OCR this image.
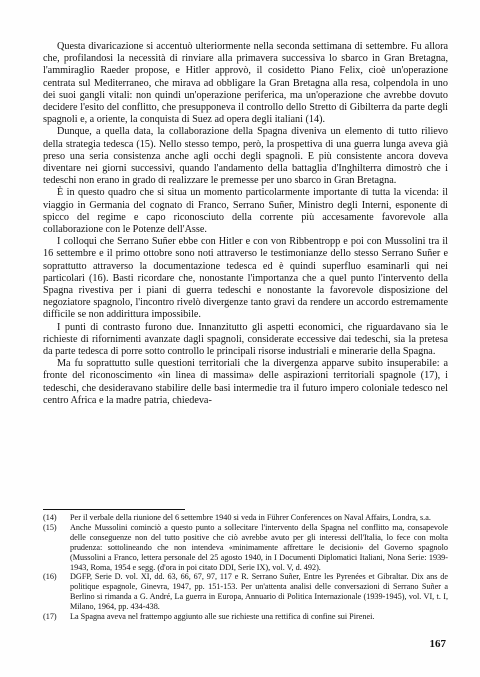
Questa divaricazione si accentuò ulteriormente nella seconda settimana di settembre. Fu allora che, profilandosi la necessità di rinviare alla primavera successiva lo sbarco in Gran Bretagna, l'ammiraglio Raeder propose, e Hitler approvò, il cosidetto Piano Felix, cioè un'operazione centrata sul Mediterraneo, che mirava ad obbligare la Gran Bretagna alla resa, colpendola in uno dei suoi gangli vitali: non quindi un'operazione periferica, ma un'operazione che avrebbe dovuto decidere l'esito del conflitto, che presupponeva il controllo dello Stretto di Gibilterra da parte degli spagnoli e, a oriente, la conquista di Suez ad opera degli italiani (14).

Dunque, a quella data, la collaborazione della Spagna diveniva un elemento di tutto rilievo della strategia tedesca (15). Nello stesso tempo, però, la prospettiva di una guerra lunga aveva già preso una seria consistenza anche agli occhi degli spagnoli. E più consistente ancora doveva diventare nei giorni successivi, quando l'andamento della battaglia d'Inghilterra dimostrò che i tedeschi non erano in grado di realizzare le premesse per uno sbarco in Gran Bretagna.

È in questo quadro che si situa un momento particolarmente importante di tutta la vicenda: il viaggio in Germania del cognato di Franco, Serrano Suñer, Ministro degli Interni, esponente di spicco del regime e capo riconosciuto della corrente più accesamente favorevole alla collaborazione con le Potenze dell'Asse.

I colloqui che Serrano Suñer ebbe con Hitler e con von Ribbentropp e poi con Mussolini tra il 16 settembre e il primo ottobre sono noti attraverso le testimonianze dello stesso Serrano Suñer e soprattutto attraverso la documentazione tedesca ed è quindi superfluo esaminarli qui nei particolari (16). Basti ricordare che, nonostante l'importanza che a quel punto l'intervento della Spagna rivestiva per i piani di guerra tedeschi e nonostante la favorevole disposizione del negoziatore spagnolo, l'incontro rivelò divergenze tanto gravi da rendere un accordo estremamente difficile se non addirittura impossibile.

I punti di contrasto furono due. Innanzitutto gli aspetti economici, che riguardavano sia le richieste di rifornimenti avanzate dagli spagnoli, considerate eccessive dai tedeschi, sia la pretesa da parte tedesca di porre sotto controllo le principali risorse industriali e minerarie della Spagna.

Ma fu soprattutto sulle questioni territoriali che la divergenza apparve subito insuperabile: a fronte del riconoscimento «in linea di massima» delle aspirazioni territoriali spagnole (17), i tedeschi, che desideravano stabilire delle basi intermedie tra il futuro impero coloniale tedesco nel centro Africa e la madre patria, chiedeva-

(14)	Per il verbale della riunione del 6 settembre 1940 si veda in Führer Conferences on Naval Affairs, Londra, s.a.
(15)	Anche Mussolini cominciò a questo punto a sollecitare l'intervento della Spagna nel conflitto ma, consapevole delle conseguenze non del tutto positive che ciò avrebbe avuto per gli interessi dell'Italia, lo fece con molta prudenza: sottolineando che non intendeva «minimamente affrettare le decisioni» del Governo spagnolo (Mussolini a Franco, lettera personale del 25 agosto 1940, in I Documenti Diplomatici Italiani, Nona Serie: 1939- 1943, Roma, 1954 e segg. (d'ora in poi citato DDI, Serie IX), vol. V, d. 492).
(16)	DGFP, Serie D. vol. XI, dd. 63, 66, 67, 97, 117 e R. Serrano Suñer, Entre les Pyrenées et Gibraltar. Dix ans de politique espagnole, Ginevra, 1947, pp. 151-153. Per un'attenta analisi delle conversazioni di Serrano Suñer a Berlino si rimanda a G. André, La guerra in Europa, Annuario di Politica Internazionale (1939-1945), vol. VI, t. I, Milano, 1964, pp. 434-438.
(17)	La Spagna aveva nel frattempo aggiunto alle sue richieste una rettifica di confine sui Pirenei.
167
